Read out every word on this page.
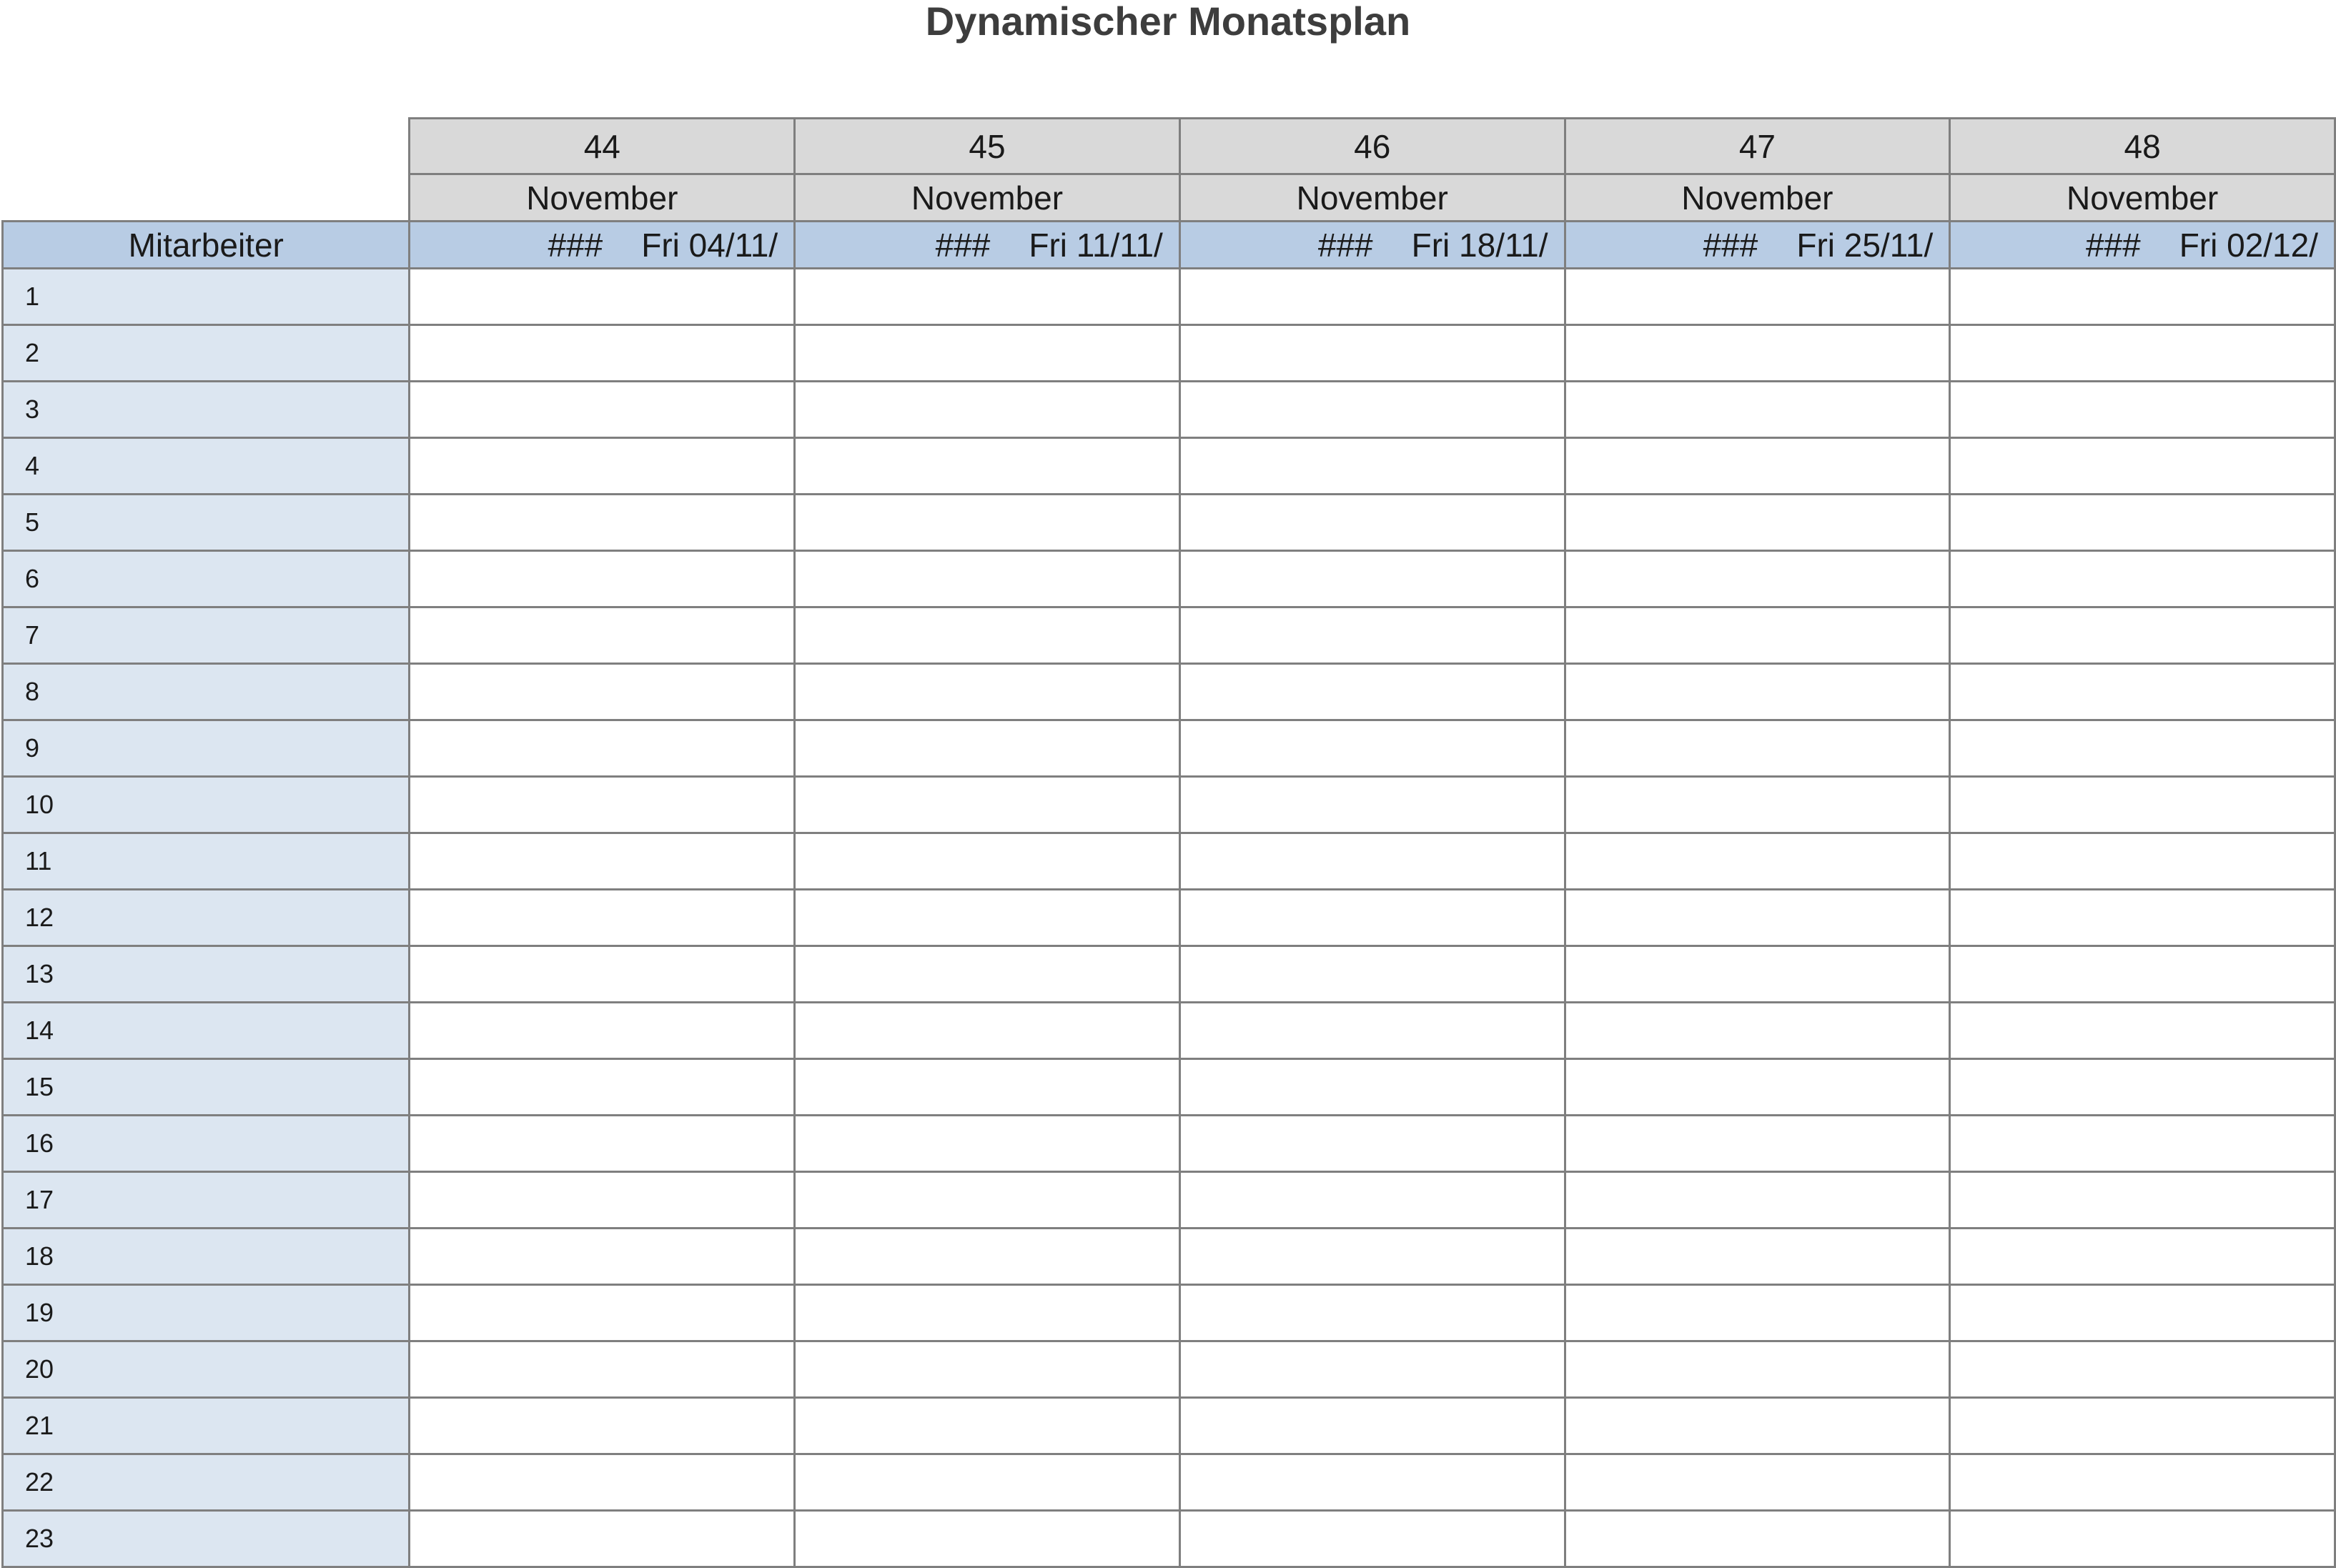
Dynamischer Monatsplan
	44	45	46	47	48
	November	November	November	November	November
Mitarbeiter	### Fri 04/11/	### Fri 11/11/	### Fri 18/11/	### Fri 25/11/	### Fri 02/12/
1					
2					
3					
4					
5					
6					
7					
8					
9					
10					
11					
12					
13					
14					
15					
16					
17					
18					
19					
20					
21					
22					
23					
